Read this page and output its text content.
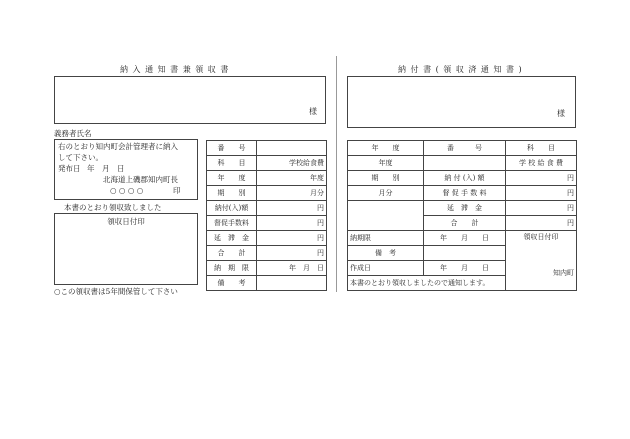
納 入 通 知 書 兼 領 収 書
様
義務者氏名
右のとおり知内町会計管理者に納入
して下さい。
発布日 年　月　日
北海道上磯郡知内町長
○ ○ ○ ○	印
本書のとおり領収致しました
領収日付印
○この領収書は5年間保管して下さい
番　　号	
科　　目	学校給食費
年　　度	年度
期　　別	月分
納付(入)額	円
督促手数料	円
延　滞　金	円
合　　計	円
納　期　限	年　月　日
備　　考	
納 付 書 ( 領 収 済 通 知 書 )
様
年　　度	番　　　号	科　　目
年度		学 校 給 食 費
期　　別	納 付 (入) 額	円
月分	督 促 手 数 料	円
	延　滞　金	円
	合　　計	円
納期限	年　　月　　日	領収日付印
知内町

備　考		
作成日	年　　月　　日	
本書のとおり領収しましたので通知します。		
